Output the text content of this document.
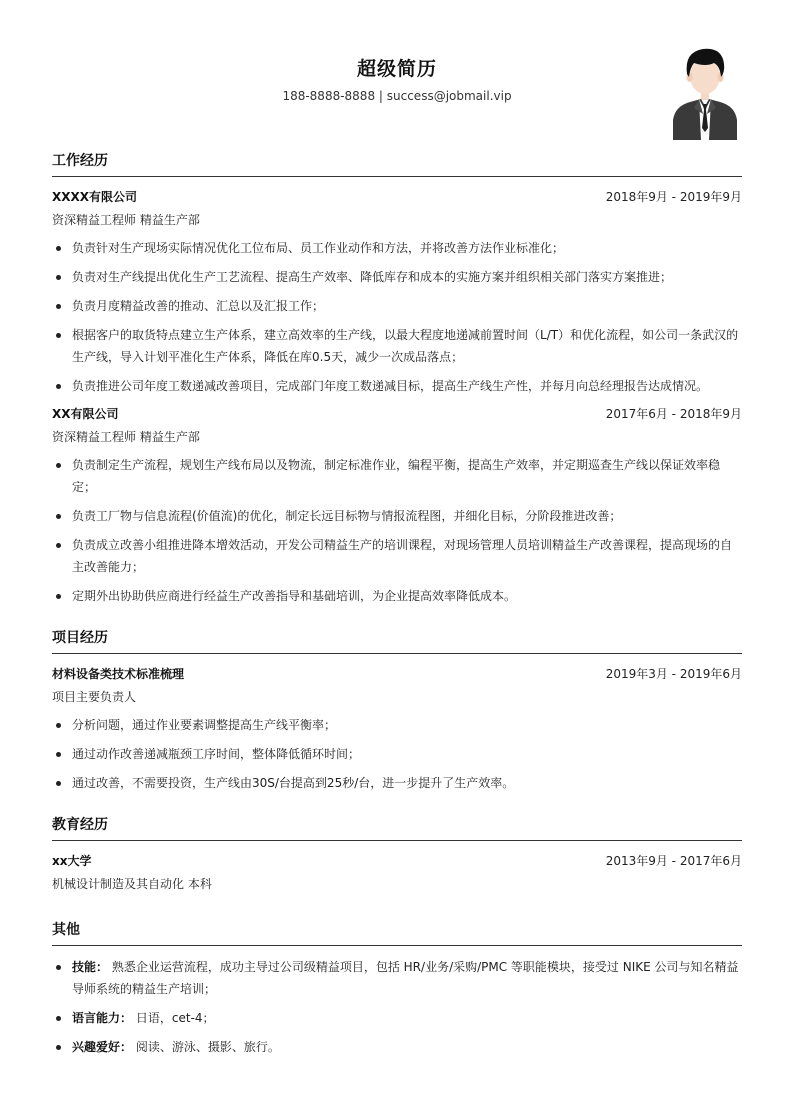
超级简历
188-8888-8888 | success@jobmail.vip
工作经历
XXXX有限公司	2018年9月 - 2019年9月
资深精益工程师 精益生产部
负责针对生产现场实际情况优化工位布局、员工作业动作和方法，并将改善方法作业标准化；
负责对生产线提出优化生产工艺流程、提高生产效率、降低库存和成本的实施方案并组织相关部门落实方案推进；
负责月度精益改善的推动、汇总以及汇报工作；
根据客户的取货特点建立生产体系，建立高效率的生产线，以最大程度地递减前置时间（L/T）和优化流程，如公司一条武汉的生产线，导入计划平准化生产体系，降低在库0.5天，减少一次成品落点；
负责推进公司年度工数递减改善项目，完成部门年度工数递减目标，提高生产线生产性，并每月向总经理报告达成情况。
XX有限公司	2017年6月 - 2018年9月
资深精益工程师 精益生产部
负责制定生产流程，规划生产线布局以及物流，制定标准作业，编程平衡，提高生产效率，并定期巡查生产线以保证效率稳定；
负责工厂物与信息流程(价值流)的优化，制定长远目标物与情报流程图，并细化目标，分阶段推进改善；
负责成立改善小组推进降本增效活动，开发公司精益生产的培训课程，对现场管理人员培训精益生产改善课程，提高现场的自主改善能力；
定期外出协助供应商进行经益生产改善指导和基础培训，为企业提高效率降低成本。
项目经历
材料设备类技术标准梳理	2019年3月 - 2019年6月
项目主要负责人
分析问题，通过作业要素调整提高生产线平衡率；
通过动作改善递减瓶颈工序时间，整体降低循环时间；
通过改善，不需要投资，生产线由30S/台提高到25秒/台，进一步提升了生产效率。
教育经历
xx大学	2013年9月 - 2017年6月
机械设计制造及其自动化 本科
其他
技能： 熟悉企业运营流程，成功主导过公司级精益项目，包括 HR/业务/采购/PMC 等职能模块，接受过 NIKE 公司与知名精益导师系统的精益生产培训；
语言能力： 日语，cet-4；
兴趣爱好： 阅读、游泳、摄影、旅行。
